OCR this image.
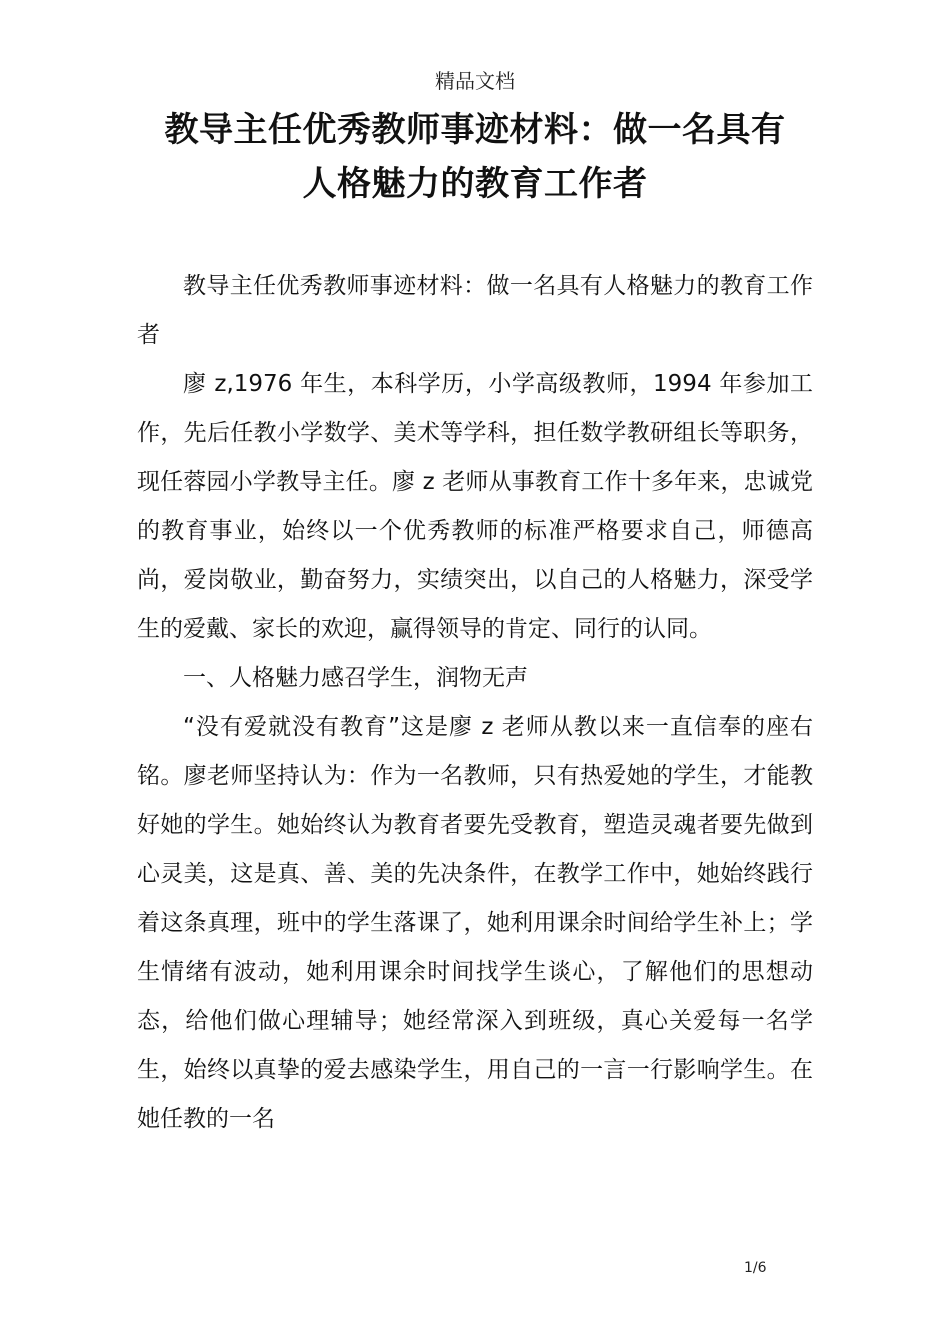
精品文档
教导主任优秀教师事迹材料：做一名具有
人格魅力的教育工作者

教导主任优秀教师事迹材料：做一名具有人格魅力的教育工作者

廖 z,1976 年生，本科学历，小学高级教师，1994 年参加工作，先后任教小学数学、美术等学科，担任数学教研组长等职务，现任蓉园小学教导主任。廖 z 老师从事教育工作十多年来，忠诚党的教育事业，始终以一个优秀教师的标准严格要求自己，师德高尚，爱岗敬业，勤奋努力，实绩突出，以自己的人格魅力，深受学生的爱戴、家长的欢迎，赢得领导的肯定、同行的认同。

一、人格魅力感召学生，润物无声

“没有爱就没有教育”这是廖 z 老师从教以来一直信奉的座右铭。廖老师坚持认为：作为一名教师，只有热爱她的学生，才能教好她的学生。她始终认为教育者要先受教育，塑造灵魂者要先做到心灵美，这是真、善、美的先决条件，在教学工作中，她始终践行着这条真理，班中的学生落课了，她利用课余时间给学生补上；学生情绪有波动，她利用课余时间找学生谈心，了解他们的思想动态，给他们做心理辅导；她经常深入到班级，真心关爱每一名学生，始终以真挚的爱去感染学生，用自己的一言一行影响学生。在她任教的一名

1/6
